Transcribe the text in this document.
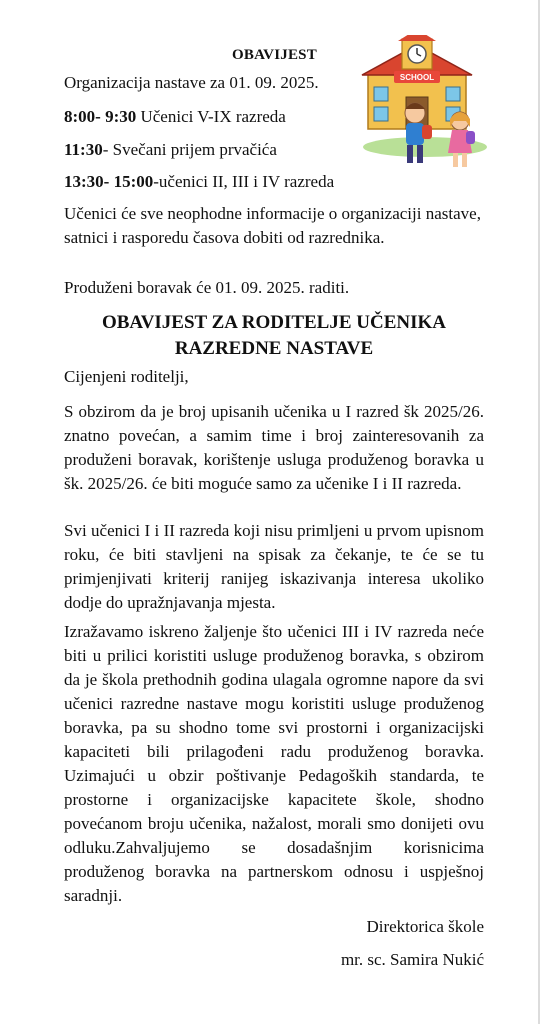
OBAVIJEST
Organizacija nastave za 01. 09. 2025.
8:00- 9:30 Učenici V-IX razreda
11:30- Svečani prijem prvačića
13:30- 15:00-učenici II, III i IV razreda
Učenici će sve neophodne informacije o organizaciji nastave, satnici i rasporedu časova dobiti od razrednika.
Produženi boravak će 01. 09. 2025. raditi.
OBAVIJEST ZA RODITELJE UČENIKA RAZREDNE NASTAVE
Cijenjeni roditelji,
S obzirom da je broj upisanih učenika u I razred šk 2025/26. znatno povećan, a samim time i broj zainteresovanih za produženi boravak, korištenje usluga produženog boravka u šk. 2025/26. će biti moguće samo za učenike I i II razreda.
Svi učenici I i II razreda koji nisu primljeni u prvom upisnom roku, će biti stavljeni na spisak za čekanje, te će se tu primjenjivati kriterij ranijeg iskazivanja interesa ukoliko dodje do upražnjavanja mjesta.
Izražavamo iskreno žaljenje što učenici III i IV razreda neće biti u prilici koristiti usluge produženog boravka, s obzirom da je škola prethodnih godina ulagala ogromne napore da svi učenici razredne nastave mogu koristiti usluge produženog boravka, pa su shodno tome svi prostorni i organizacijski kapaciteti bili prilagođeni radu produženog boravka. Uzimajući u obzir poštivanje Pedagoških standarda, te prostorne i organizacijske kapacitete škole, shodno povećanom broju učenika, nažalost, morali smo donijeti ovu odluku.Zahvaljujemo se dosadašnjim korisnicima produženog boravka na partnerskom odnosu i uspješnoj saradnji.
Direktorica škole
mr. sc. Samira Nukić
SCHOOL
